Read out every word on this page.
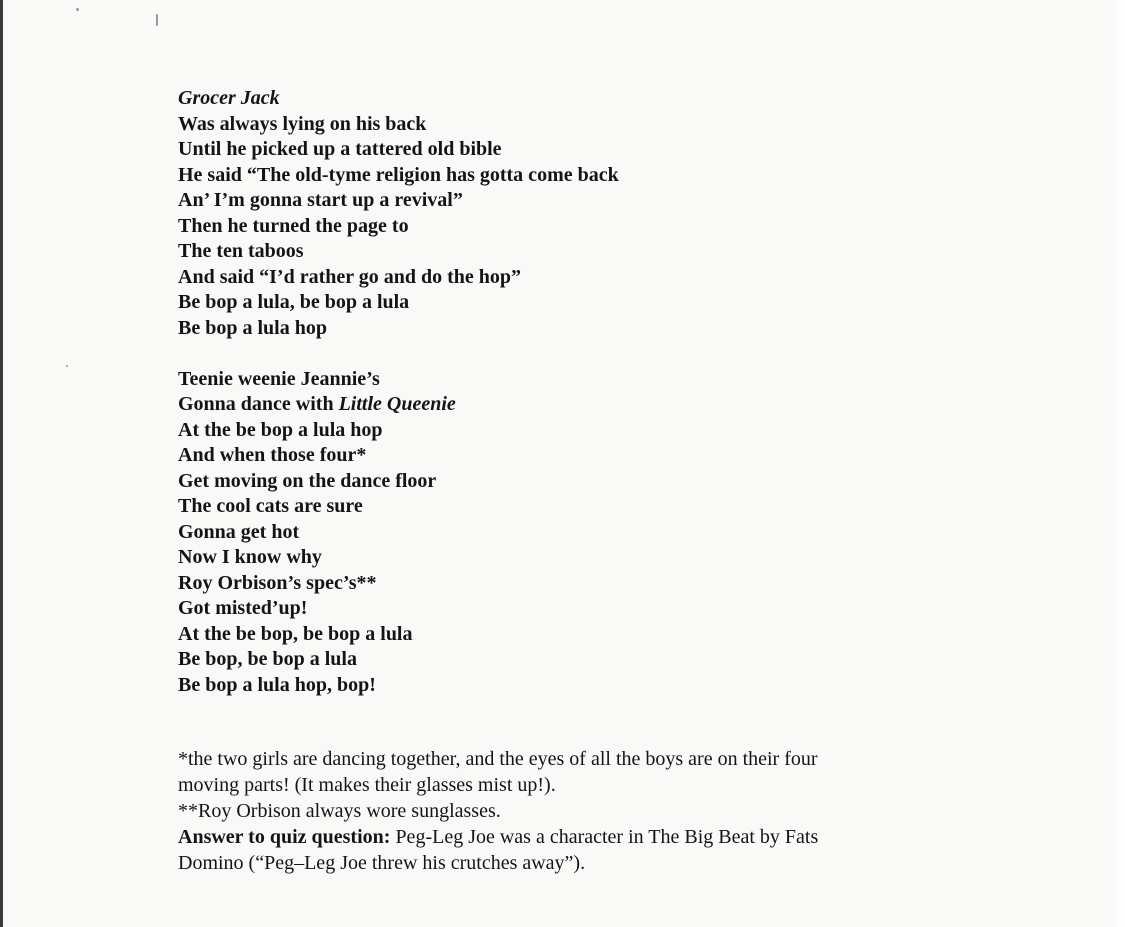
Grocer Jack
Was always lying on his back
Until he picked up a tattered old bible
He said “The old-tyme religion has gotta come back
An’ I’m gonna start up a revival”
Then he turned the page to
The ten taboos
And said “I’d rather go and do the hop”
Be bop a lula, be bop a lula
Be bop a lula hop
Teenie weenie Jeannie’s
Gonna dance with Little Queenie
At the be bop a lula hop
And when those four*
Get moving on the dance floor
The cool cats are sure
Gonna get hot
Now I know why
Roy Orbison’s spec’s**
Got misted’up!
At the be bop, be bop a lula
Be bop, be bop a lula
Be bop a lula hop, bop!
*the two girls are dancing together, and the eyes of all the boys are on their four
moving parts! (It makes their glasses mist up!).
**Roy Orbison always wore sunglasses.
Answer to quiz question: Peg-Leg Joe was a character in The Big Beat by Fats
Domino (“Peg–Leg Joe threw his crutches away”).
